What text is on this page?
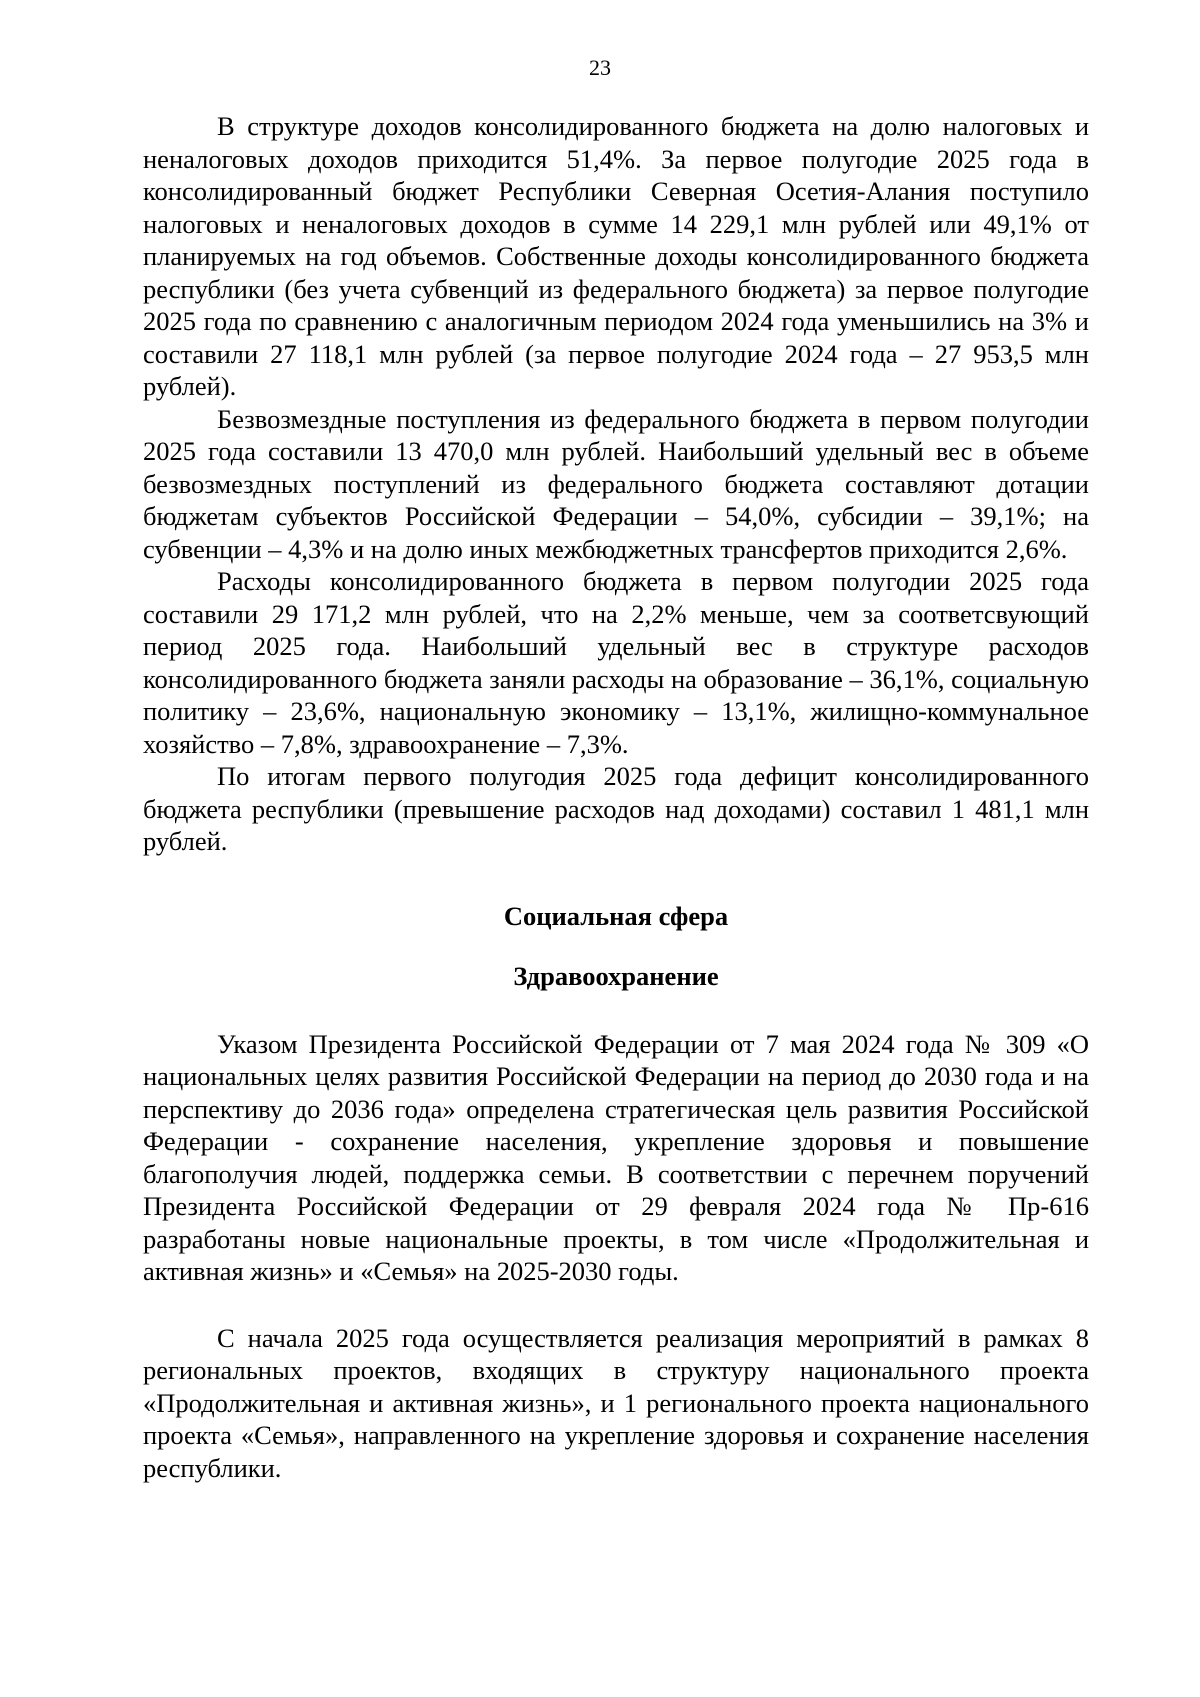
23

В структуре доходов консолидированного бюджета на долю налоговых и неналоговых доходов приходится 51,4%. За первое полугодие 2025 года в консолидированный бюджет Республики Северная Осетия-Алания поступило налоговых и неналоговых доходов в сумме 14 229,1 млн рублей или 49,1% от планируемых на год объемов. Собственные доходы консолидированного бюджета республики (без учета субвенций из федерального бюджета) за первое полугодие 2025 года по сравнению с аналогичным периодом 2024 года уменьшились на 3% и составили 27 118,1 млн рублей (за первое полугодие 2024 года – 27 953,5 млн рублей).

Безвозмездные поступления из федерального бюджета в первом полугодии 2025 года составили 13 470,0 млн рублей. Наибольший удельный вес в объеме безвозмездных поступлений из федерального бюджета составляют дотации бюджетам субъектов Российской Федерации – 54,0%, субсидии – 39,1%; на субвенции – 4,3% и на долю иных межбюджетных трансфертов приходится 2,6%.

Расходы консолидированного бюджета в первом полугодии 2025 года составили 29 171,2 млн рублей, что на 2,2% меньше, чем за соответсвующий период 2025 года. Наибольший удельный вес в структуре расходов консолидированного бюджета заняли расходы на образование – 36,1%, социальную политику – 23,6%, национальную экономику – 13,1%, жилищно-коммунальное хозяйство – 7,8%, здравоохранение – 7,3%.

По итогам первого полугодия 2025 года дефицит консолидированного бюджета республики (превышение расходов над доходами) составил 1 481,1 млн рублей.

Социальная сфера
Здравоохранение

Указом Президента Российской Федерации от 7 мая 2024 года № 309 «О национальных целях развития Российской Федерации на период до 2030 года и на перспективу до 2036 года» определена стратегическая цель развития Российской Федерации - сохранение населения, укрепление здоровья и повышение благополучия людей, поддержка семьи. В соответствии с перечнем поручений Президента Российской Федерации от 29 февраля 2024 года № Пр-616 разработаны новые национальные проекты, в том числе «Продолжительная и активная жизнь» и «Семья» на 2025-2030 годы.

С начала 2025 года осуществляется реализация мероприятий в рамках 8 региональных проектов, входящих в структуру национального проекта «Продолжительная и активная жизнь», и 1 регионального проекта национального проекта «Семья», направленного на укрепление здоровья и сохранение населения республики.
